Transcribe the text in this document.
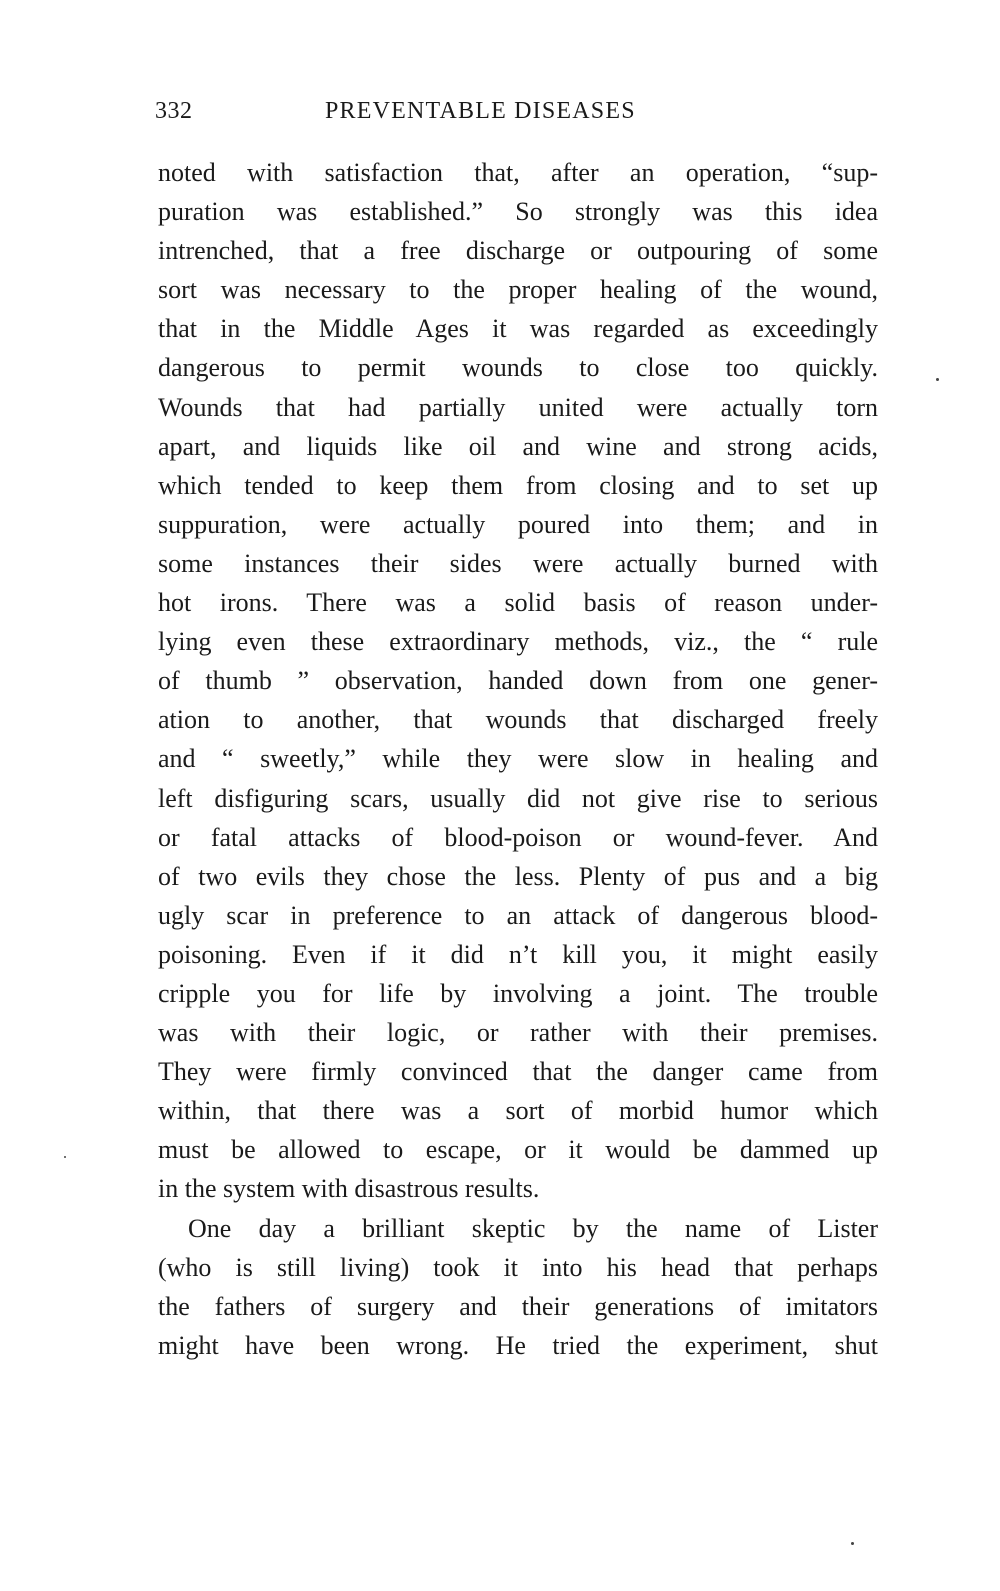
332	PREVENTABLE DISEASES
noted with satisfaction that, after an operation, “sup-
puration was established.” So strongly was this idea
intrenched, that a free discharge or outpouring of some
sort was necessary to the proper healing of the wound,
that in the Middle Ages it was regarded as exceedingly
dangerous to permit wounds to close too quickly.
Wounds that had partially united were actually torn
apart, and liquids like oil and wine and strong acids,
which tended to keep them from closing and to set up
suppuration, were actually poured into them; and in
some instances their sides were actually burned with
hot irons. There was a solid basis of reason under-
lying even these extraordinary methods, viz., the “ rule
of thumb ” observation, handed down from one gener-
ation to another, that wounds that discharged freely
and “ sweetly,” while they were slow in healing and
left disfiguring scars, usually did not give rise to serious
or fatal attacks of blood-poison or wound-fever. And
of two evils they chose the less. Plenty of pus and a big
ugly scar in preference to an attack of dangerous blood-
poisoning. Even if it did n’t kill you, it might easily
cripple you for life by involving a joint. The trouble
was with their logic, or rather with their premises.
They were firmly convinced that the danger came from
within, that there was a sort of morbid humor which
must be allowed to escape, or it would be dammed up
in the system with disastrous results.
One day a brilliant skeptic by the name of Lister
(who is still living) took it into his head that perhaps
the fathers of surgery and their generations of imitators
might have been wrong. He tried the experiment, shut
